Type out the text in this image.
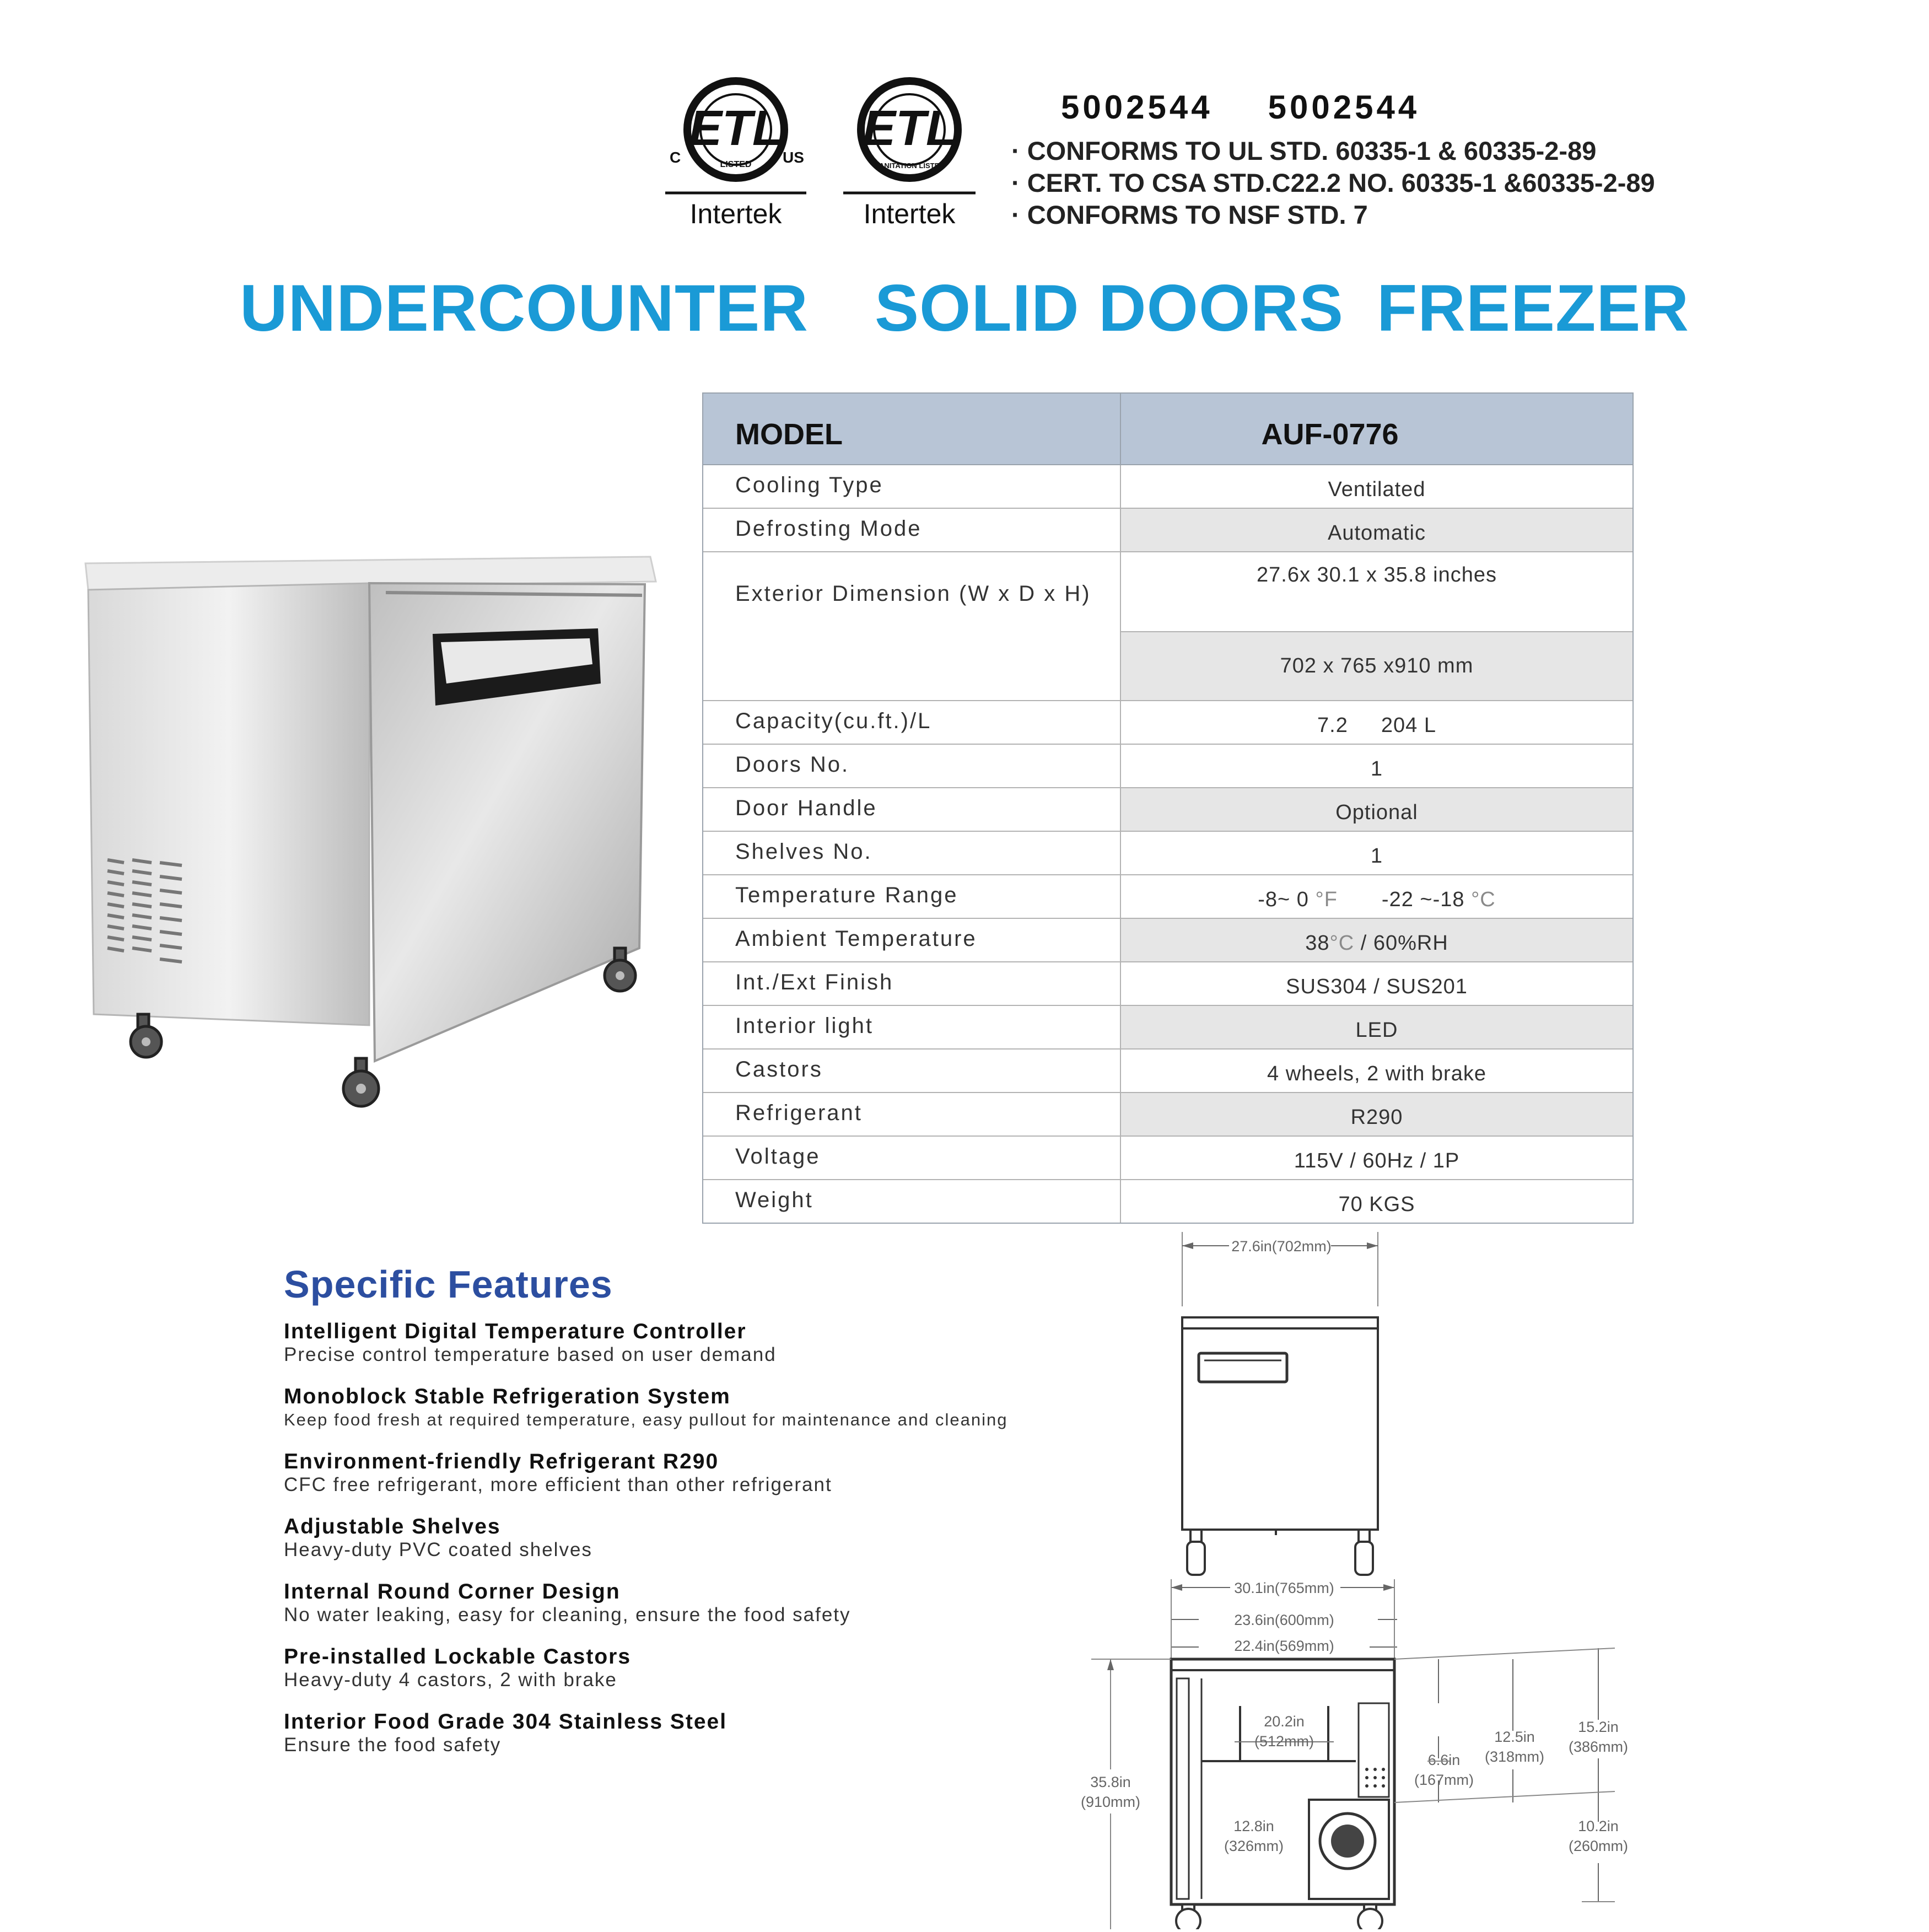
ETL
LISTED
C	US
Intertek
ETL
SANITATION LISTED
Intertek
5002544 5002544
· CONFORMS TO UL STD. 60335-1 & 60335-2-89
· CERT. TO CSA STD.C22.2 NO. 60335-1 &60335-2-89
· CONFORMS TO NSF STD. 7
UNDERCOUNTER SOLID DOORS FREEZER
MODEL	AUF-0776
Cooling Type	Ventilated
Defrosting Mode	Automatic
Exterior Dimension (W x D x H)
27.6x 30.1 x 35.8 inches
702 x 765 x910 mm
Capacity(cu.ft.)/L	7.2 204 L
Doors No.	1
Door Handle	Optional
Shelves No.	1
Temperature Range	-8~ 0 °F -22 ~-18 °C
Ambient Temperature	38°C / 60%RH
Int./Ext Finish	SUS304 / SUS201
Interior light	LED
Castors	4 wheels, 2 with brake
Refrigerant	R290
Voltage	115V / 60Hz / 1P
Weight	70 KGS
Specific Features
Intelligent Digital Temperature Controller
Precise control temperature based on user demand
Monoblock Stable Refrigeration System
Keep food fresh at required temperature, easy pullout for maintenance and cleaning
Environment-friendly Refrigerant R290
CFC free refrigerant, more efficient than other refrigerant
Adjustable Shelves
Heavy-duty PVC coated shelves
Internal Round Corner Design
No water leaking, easy for cleaning, ensure the food safety
Pre-installed Lockable Castors
Heavy-duty 4 castors, 2 with brake
Interior Food Grade 304 Stainless Steel
Ensure the food safety
27.6in(702mm)
30.1in(765mm)
23.6in(600mm)
22.4in(569mm)
20.2in
(512mm)
12.8in
(326mm)
35.8in
(910mm)
6.6in
(167mm)
12.5in
(318mm)
15.2in
(386mm)
10.2in
(260mm)
